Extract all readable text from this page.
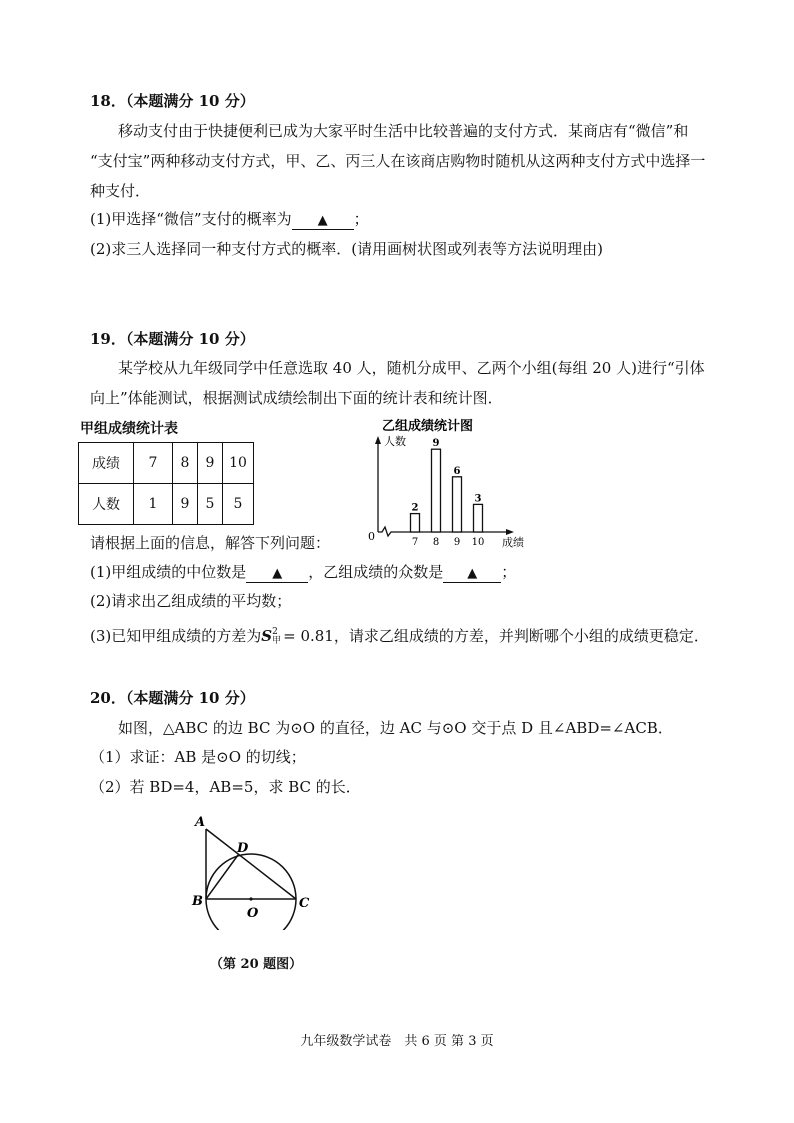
18．（本题满分 10 分）
移动支付由于快捷便利已成为大家平时生活中比较普遍的支付方式．某商店有“微信”和
“支付宝”两种移动支付方式，甲、乙、丙三人在该商店购物时随机从这两种支付方式中选择一
种支付．
(1)甲选择“微信”支付的概率为 ▲ ；
(2)求三人选择同一种支付方式的概率．(请用画树状图或列表等方法说明理由)
19．（本题满分 10 分）
某学校从九年级同学中任意选取 40 人，随机分成甲、乙两个小组(每组 20 人)进行“引体
向上”体能测试，根据测试成绩绘制出下面的统计表和统计图．
甲组成绩统计表
成绩	7	8	9	10
人数	1	9	5	5
乙组成绩统计图
人数
0	成绩
2
7
9
8
6
9
3
10
请根据上面的信息，解答下列问题：
(1)甲组成绩的中位数是 ▲ ，乙组成绩的众数是 ▲ ；
(2)请求出乙组成绩的平均数；
(3)已知甲组成绩的方差为S 2
甲 = 0.81，请求乙组成绩的方差，并判断哪个小组的成绩更稳定．
20．（本题满分 10 分）
如图，△ABC 的边 BC 为⊙O 的直径，边 AC 与⊙O 交于点 D 且∠ABD=∠ACB．
（1）求证：AB 是⊙O 的切线；
（2）若 BD=4，AB=5，求 BC 的长．
A
D
B	C
O
（第 20 题图）
九年级数学试卷　共 6 页 第 3 页
